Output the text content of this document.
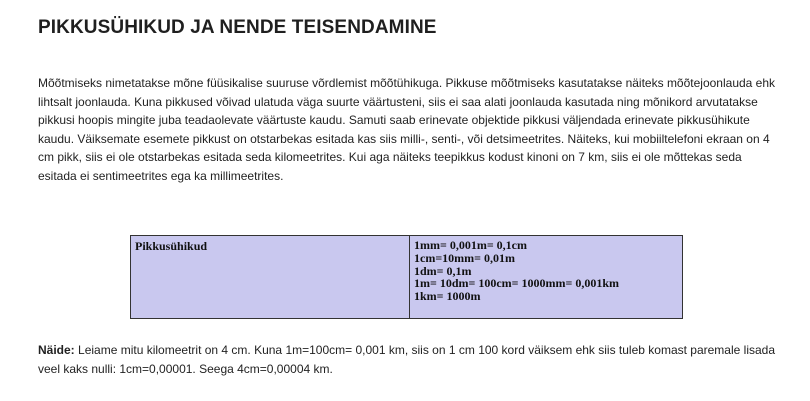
PIKKUSÜHIKUD JA NENDE TEISENDAMINE

Mõõtmiseks nimetatakse mõne füüsikalise suuruse võrdlemist mõõtühikuga. Pikkuse mõõtmiseks kasutatakse näiteks mõõtejoonlauda ehk lihtsalt joonlauda. Kuna pikkused võivad ulatuda väga suurte väärtusteni, siis ei saa alati joonlauda kasutada ning mõnikord arvutatakse pikkusi hoopis mingite juba teadaolevate väärtuste kaudu. Samuti saab erinevate objektide pikkusi väljendada erinevate pikkusühikute kaudu. Väiksemate esemete pikkust on otstarbekas esitada kas siis milli-, senti-, või detsimeetrites. Näiteks, kui mobiiltelefoni ekraan on 4 cm pikk, siis ei ole otstarbekas esitada seda kilomeetrites. Kui aga näiteks teepikkus kodust kinoni on 7 km, siis ei ole mõttekas seda esitada ei sentimeetrites ega ka millimeetrites.

Pikkusühikud	1mm= 0,001m= 0,1cm
1cm=10mm= 0,01m
1dm= 0,1m
1m= 10dm= 100cm= 1000mm= 0,001km
1km= 1000m

Näide: Leiame mitu kilomeetrit on 4 cm. Kuna 1m=100cm= 0,001 km, siis on 1 cm 100 kord väiksem ehk siis tuleb komast paremale lisada veel kaks nulli: 1cm=0,00001. Seega 4cm=0,00004 km.
